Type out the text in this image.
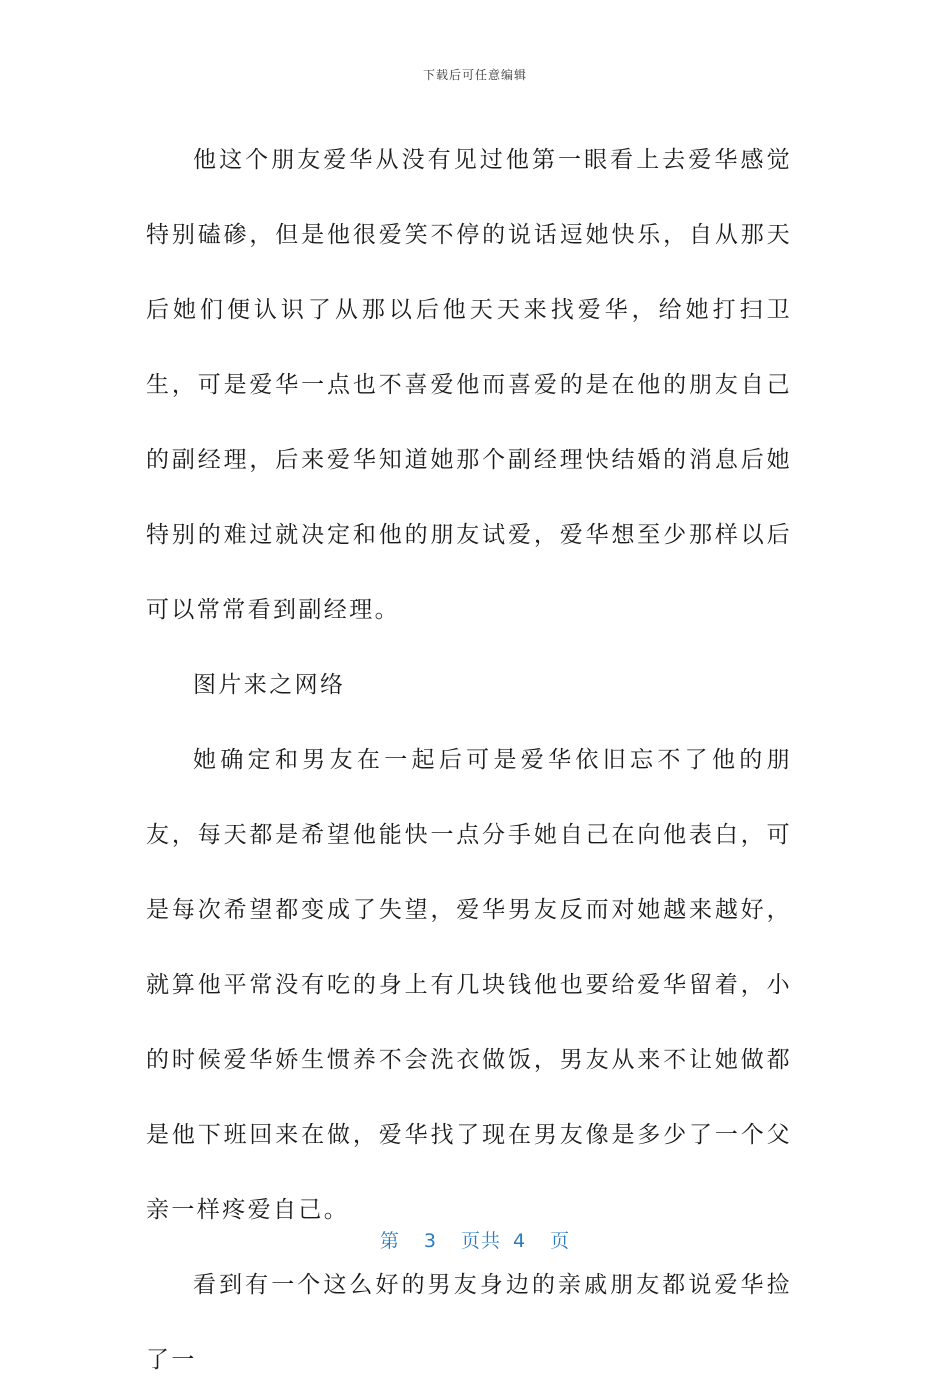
下载后可任意编辑

他这个朋友爱华从没有见过他第一眼看上去爱华感觉特别磕碜，但是他很爱笑不停的说话逗她快乐，自从那天后她们便认识了从那以后他天天来找爱华，给她打扫卫生，可是爱华一点也不喜爱他而喜爱的是在他的朋友自己的副经理，后来爱华知道她那个副经理快结婚的消息后她特别的难过就决定和他的朋友试爱，爱华想至少那样以后可以常常看到副经理。

图片来之网络

她确定和男友在一起后可是爱华依旧忘不了他的朋友，每天都是希望他能快一点分手她自己在向他表白，可是每次希望都变成了失望，爱华男友反而对她越来越好，就算他平常没有吃的身上有几块钱他也要给爱华留着，小的时候爱华娇生惯养不会洗衣做饭，男友从来不让她做都是他下班回来在做，爱华找了现在男友像是多少了一个父亲一样疼爱自己。

看到有一个这么好的男友身边的亲戚朋友都说爱华捡了一

第 3 页共 4 页
